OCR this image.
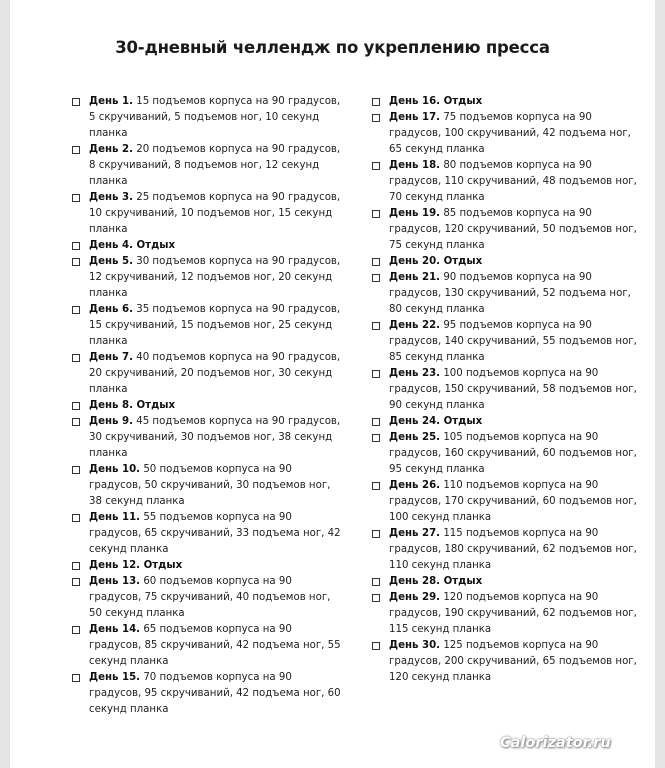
30-дневный челлендж по укреплению пресса
День 1. 15 подъемов корпуса на 90 градусов, 5 скручиваний, 5 подъемов ног, 10 секунд планка
День 2. 20 подъемов корпуса на 90 градусов, 8 скручиваний, 8 подъемов ног, 12 секунд планка
День 3. 25 подъемов корпуса на 90 градусов, 10 скручиваний, 10 подъемов ног, 15 секунд планка
День 4. Отдых
День 5. 30 подъемов корпуса на 90 градусов, 12 скручиваний, 12 подъемов ног, 20 секунд планка
День 6. 35 подъемов корпуса на 90 градусов, 15 скручиваний, 15 подъемов ног, 25 секунд планка
День 7. 40 подъемов корпуса на 90 градусов, 20 скручиваний, 20 подъемов ног, 30 секунд планка
День 8. Отдых
День 9. 45 подъемов корпуса на 90 градусов, 30 скручиваний, 30 подъемов ног, 38 секунд планка
День 10. 50 подъемов корпуса на 90 градусов, 50 скручиваний, 30 подъемов ног, 38 секунд планка
День 11. 55 подъемов корпуса на 90 градусов, 65 скручиваний, 33 подъема ног, 42 секунд планка
День 12. Отдых
День 13. 60 подъемов корпуса на 90 градусов, 75 скручиваний, 40 подъемов ног, 50 секунд планка
День 14. 65 подъемов корпуса на 90 градусов, 85 скручиваний, 42 подъема ног, 55 секунд планка
День 15. 70 подъемов корпуса на 90 градусов, 95 скручиваний, 42 подъема ног, 60 секунд планка
День 16. Отдых
День 17. 75 подъемов корпуса на 90 градусов, 100 скручиваний, 42 подъема ног, 65 секунд планка
День 18. 80 подъемов корпуса на 90 градусов, 110 скручиваний, 48 подъемов ног, 70 секунд планка
День 19. 85 подъемов корпуса на 90 градусов, 120 скручиваний, 50 подъемов ног, 75 секунд планка
День 20. Отдых
День 21. 90 подъемов корпуса на 90 градусов, 130 скручиваний, 52 подъема ног, 80 секунд планка
День 22. 95 подъемов корпуса на 90 градусов, 140 скручиваний, 55 подъемов ног, 85 секунд планка
День 23. 100 подъемов корпуса на 90 градусов, 150 скручиваний, 58 подъемов ног, 90 секунд планка
День 24. Отдых
День 25. 105 подъемов корпуса на 90 градусов, 160 скручиваний, 60 подъемов ног, 95 секунд планка
День 26. 110 подъемов корпуса на 90 градусов, 170 скручиваний, 60 подъемов ног, 100 секунд планка
День 27. 115 подъемов корпуса на 90 градусов, 180 скручиваний, 62 подъемов ног, 110 секунд планка
День 28. Отдых
День 29. 120 подъемов корпуса на 90 градусов, 190 скручиваний, 62 подъемов ног, 115 секунд планка
День 30. 125 подъемов корпуса на 90 градусов, 200 скручиваний, 65 подъемов ног, 120 секунд планка
Calorizator.ru
